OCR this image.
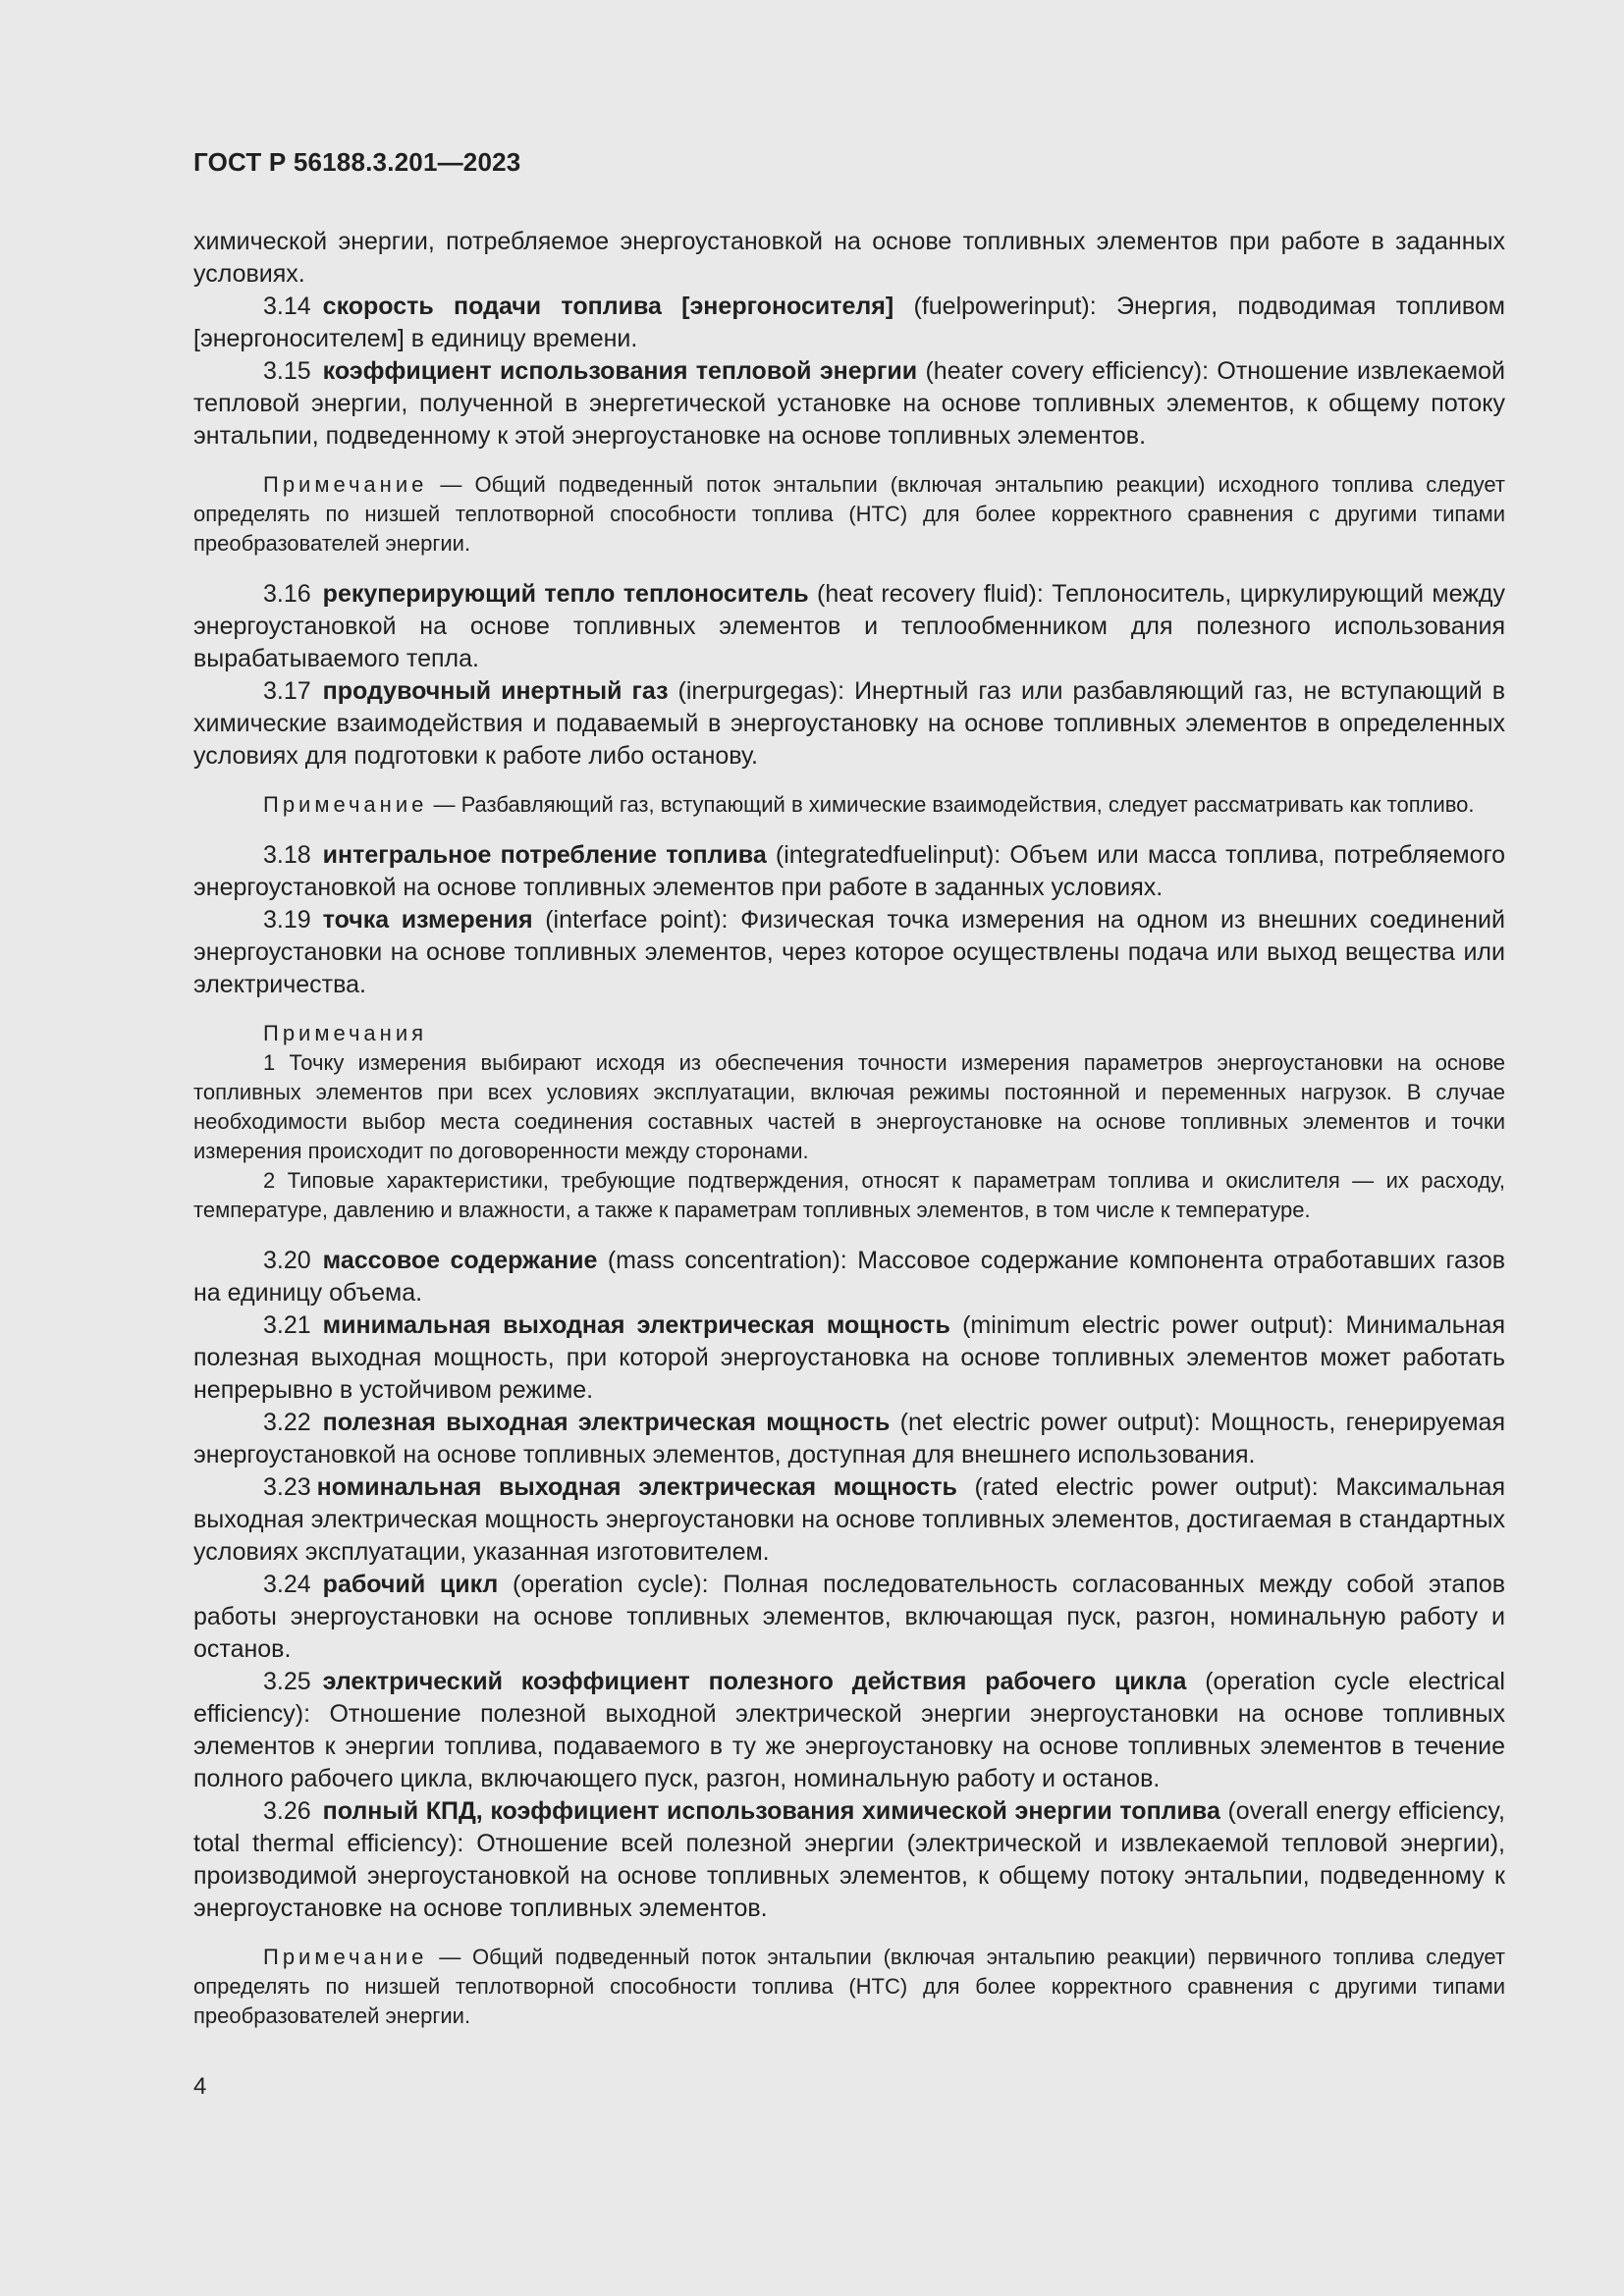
ГОСТ Р 56188.3.201—2023

химической энергии, потребляемое энергоустановкой на основе топливных элементов при работе в заданных условиях.

3.14 скорость подачи топлива [энергоносителя] (fuelpowerinput): Энергия, подводимая топливом [энергоносителем] в единицу времени.

3.15 коэффициент использования тепловой энергии (heater covery efficiency): Отношение извлекаемой тепловой энергии, полученной в энергетической установке на основе топливных элементов, к общему потоку энтальпии, подведенному к этой энергоустановке на основе топливных элементов.

Примечание — Общий подведенный поток энтальпии (включая энтальпию реакции) исходного топлива следует определять по низшей теплотворной способности топлива (НТС) для более корректного сравнения с другими типами преобразователей энергии.

3.16 рекуперирующий тепло теплоноситель (heat recovery fluid): Теплоноситель, циркулирующий между энергоустановкой на основе топливных элементов и теплообменником для полезного использования вырабатываемого тепла.

3.17 продувочный инертный газ (inerpurgegas): Инертный газ или разбавляющий газ, не вступающий в химические взаимодействия и подаваемый в энергоустановку на основе топливных элементов в определенных условиях для подготовки к работе либо останову.

Примечание — Разбавляющий газ, вступающий в химические взаимодействия, следует рассматривать как топливо.

3.18 интегральное потребление топлива (integratedfuelinput): Объем или масса топлива, потребляемого энергоустановкой на основе топливных элементов при работе в заданных условиях.

3.19 точка измерения (interface point): Физическая точка измерения на одном из внешних соединений энергоустановки на основе топливных элементов, через которое осуществлены подача или выход вещества или электричества.

Примечания

1 Точку измерения выбирают исходя из обеспечения точности измерения параметров энергоустановки на основе топливных элементов при всех условиях эксплуатации, включая режимы постоянной и переменных нагрузок. В случае необходимости выбор места соединения составных частей в энергоустановке на основе топливных элементов и точки измерения происходит по договоренности между сторонами.

2 Типовые характеристики, требующие подтверждения, относят к параметрам топлива и окислителя — их расходу, температуре, давлению и влажности, а также к параметрам топливных элементов, в том числе к температуре.

3.20 массовое содержание (mass concentration): Массовое содержание компонента отработавших газов на единицу объема.

3.21 минимальная выходная электрическая мощность (minimum electric power output): Минимальная полезная выходная мощность, при которой энергоустановка на основе топливных элементов может работать непрерывно в устойчивом режиме.

3.22 полезная выходная электрическая мощность (net electric power output): Мощность, генерируемая энергоустановкой на основе топливных элементов, доступная для внешнего использования.

3.23 номинальная выходная электрическая мощность (rated electric power output): Максимальная выходная электрическая мощность энергоустановки на основе топливных элементов, достигаемая в стандартных условиях эксплуатации, указанная изготовителем.

3.24 рабочий цикл (operation cycle): Полная последовательность согласованных между собой этапов работы энергоустановки на основе топливных элементов, включающая пуск, разгон, номинальную работу и останов.

3.25 электрический коэффициент полезного действия рабочего цикла (operation cycle electrical efficiency): Отношение полезной выходной электрической энергии энергоустановки на основе топливных элементов к энергии топлива, подаваемого в ту же энергоустановку на основе топливных элементов в течение полного рабочего цикла, включающего пуск, разгон, номинальную работу и останов.

3.26 полный КПД, коэффициент использования химической энергии топлива (overall energy efficiency, total thermal efficiency): Отношение всей полезной энергии (электрической и извлекаемой тепловой энергии), производимой энергоустановкой на основе топливных элементов, к общему потоку энтальпии, подведенному к энергоустановке на основе топливных элементов.

Примечание — Общий подведенный поток энтальпии (включая энтальпию реакции) первичного топлива следует определять по низшей теплотворной способности топлива (НТС) для более корректного сравнения с другими типами преобразователей энергии.

4
